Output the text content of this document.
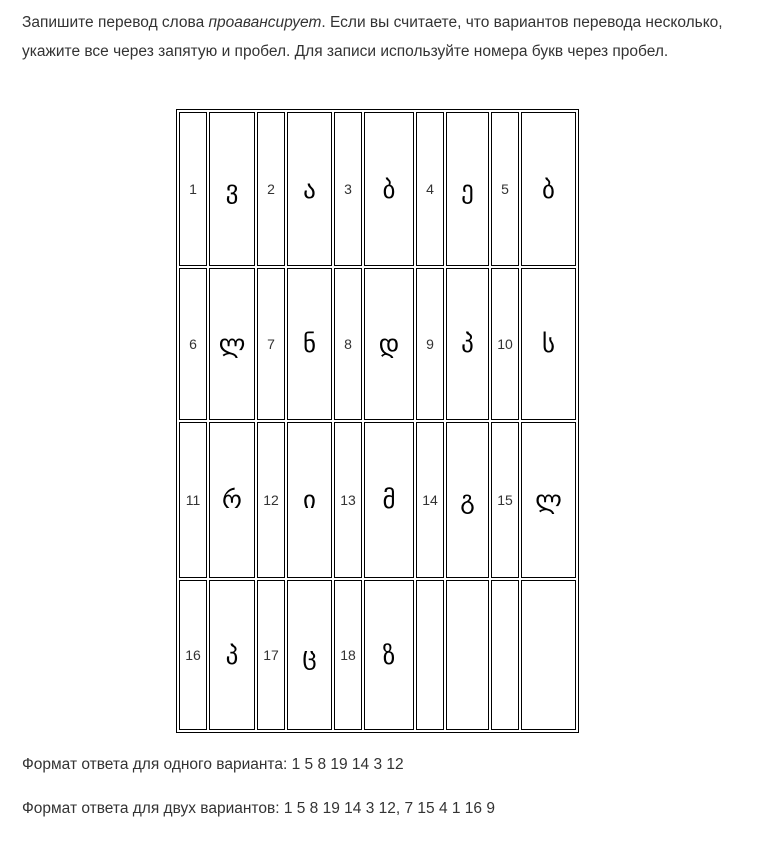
Запишите перевод слова проавансирует. Если вы считаете, что вариантов перевода несколько, укажите все через запятую и пробел. Для записи используйте номера букв через пробел.

1	ვ	2	ა	3	ბ	4	ე	5	ბ
6	ლ	7	ნ	8	დ	9	პ	10	ს
11	რ	12	ი	13	მ	14	გ	15	ლ
16	პ	17	ც	18	ზ				

Формат ответа для одного варианта: 1 5 8 19 14 3 12

Формат ответа для двух вариантов: 1 5 8 19 14 3 12, 7 15 4 1 16 9
